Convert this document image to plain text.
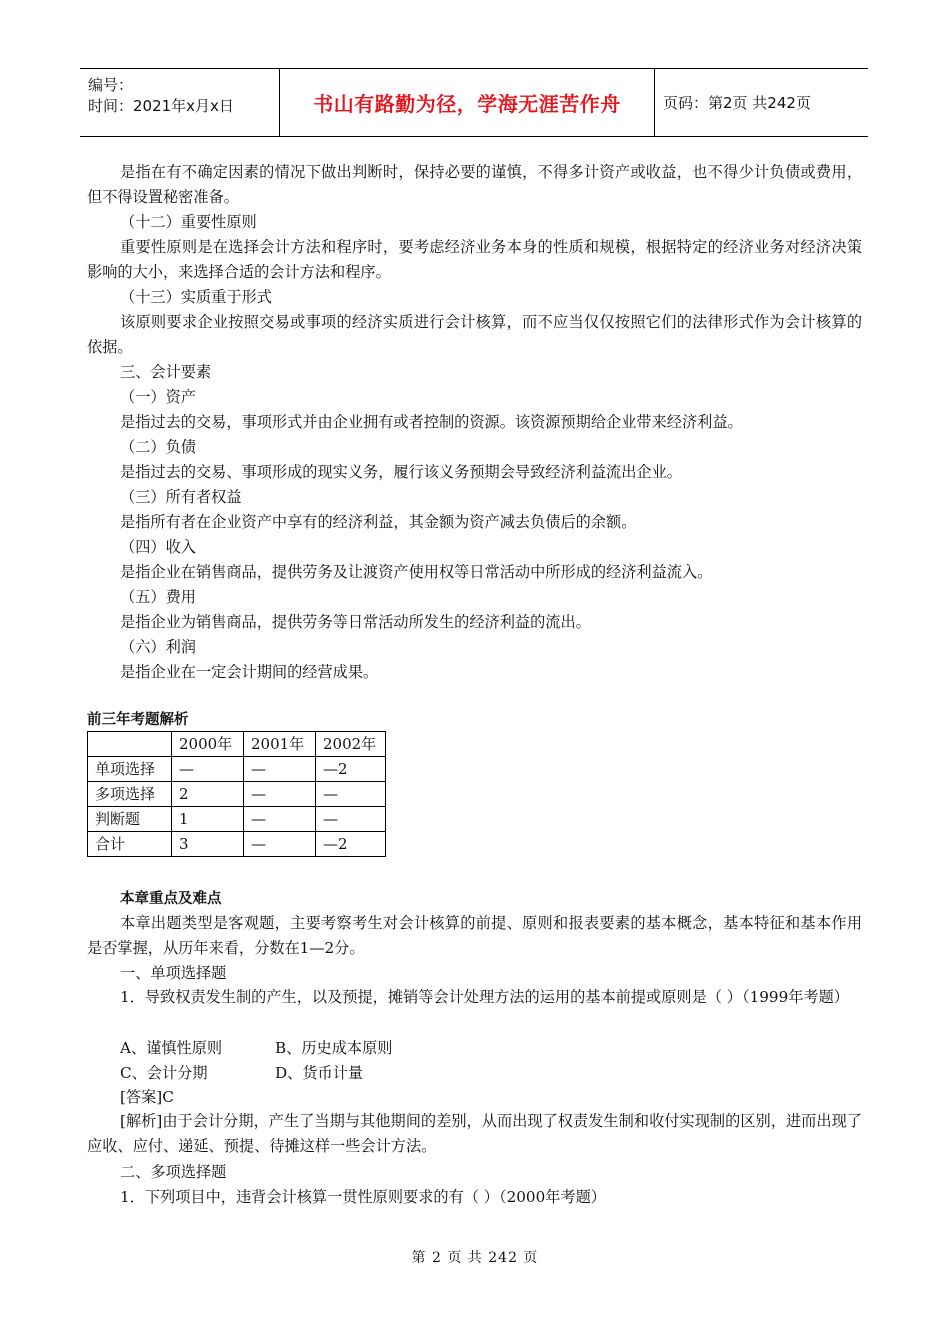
编号：
时间：2021年x月x日	书山有路勤为径，学海无涯苦作舟	页码：第2页 共242页
是指在有不确定因素的情况下做出判断时，保持必要的谨慎，不得多计资产或收益，也不得少计负债或费用，但不得设置秘密准备。
（十二）重要性原则
重要性原则是在选择会计方法和程序时，要考虑经济业务本身的性质和规模，根据特定的经济业务对经济决策影响的大小，来选择合适的会计方法和程序。
（十三）实质重于形式
该原则要求企业按照交易或事项的经济实质进行会计核算，而不应当仅仅按照它们的法律形式作为会计核算的依据。
三、会计要素
（一）资产
是指过去的交易，事项形式并由企业拥有或者控制的资源。该资源预期给企业带来经济利益。
（二）负债
是指过去的交易、事项形成的现实义务，履行该义务预期会导致经济利益流出企业。
（三）所有者权益
是指所有者在企业资产中享有的经济利益，其金额为资产减去负债后的余额。
（四）收入
是指企业在销售商品，提供劳务及让渡资产使用权等日常活动中所形成的经济利益流入。
（五）费用
是指企业为销售商品，提供劳务等日常活动所发生的经济利益的流出。
（六）利润
是指企业在一定会计期间的经营成果。
前三年考题解析
	2000年	2001年	2002年
单项选择	—	—	—2
多项选择	2	—	—
判断题	1	—	—
合计	3	—	—2
本章重点及难点
本章出题类型是客观题，主要考察考生对会计核算的前提、原则和报表要素的基本概念，基本特征和基本作用是否掌握，从历年来看，分数在1—2分。
一、单项选择题
1．导致权责发生制的产生，以及预提，摊销等会计处理方法的运用的基本前提或原则是（ ）（1999年考题）
A、谨慎性原则	B、历史成本原则
C、会计分期	D、货币计量
[答案]C
[解析]由于会计分期，产生了当期与其他期间的差别，从而出现了权责发生制和收付实现制的区别，进而出现了应收、应付、递延、预提、待摊这样一些会计方法。
二、多项选择题
1．下列项目中，违背会计核算一贯性原则要求的有（ ）（2000年考题）
第 2 页 共 242 页
